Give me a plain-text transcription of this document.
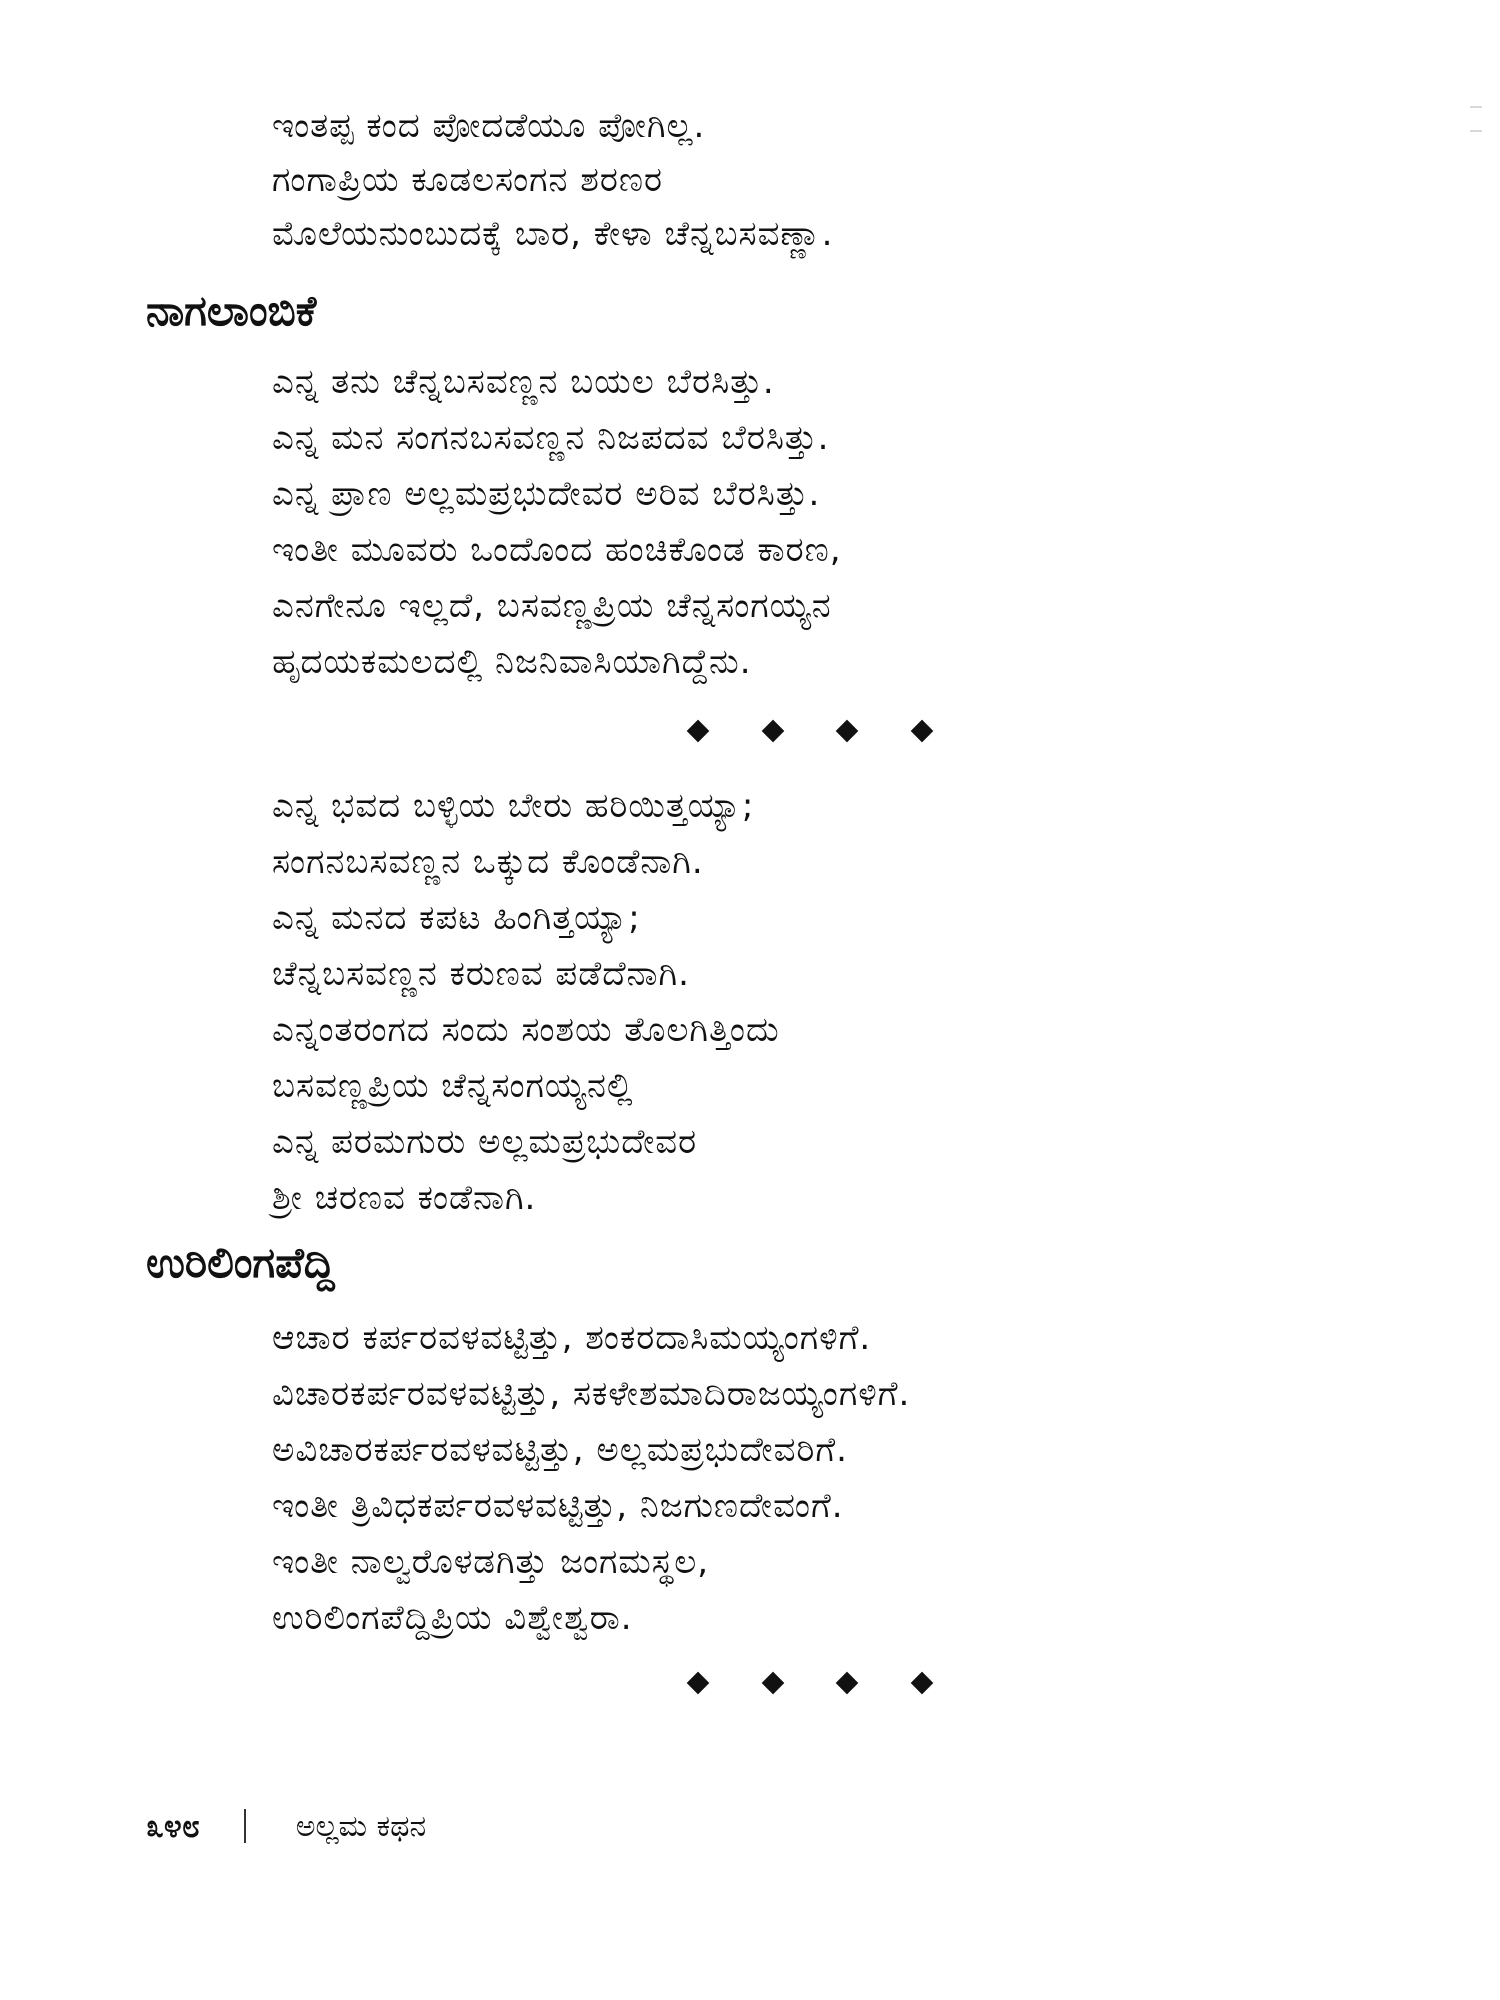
ಇಂತಪ್ಪ ಕಂದ ಪೋದಡೆಯೂ ಪೋಗಿಲ್ಲ.
ಗಂಗಾಪ್ರಿಯ ಕೂಡಲಸಂಗನ ಶರಣರ
ಮೊಲೆಯನುಂಬುದಕ್ಕೆ ಬಾರ, ಕೇಳಾ ಚೆನ್ನಬಸವಣ್ಣಾ.
ನಾಗಲಾಂಬಿಕೆ
ಎನ್ನ ತನು ಚೆನ್ನಬಸವಣ್ಣನ ಬಯಲ ಬೆರಸಿತ್ತು.
ಎನ್ನ ಮನ ಸಂಗನಬಸವಣ್ಣನ ನಿಜಪದವ ಬೆರಸಿತ್ತು.
ಎನ್ನ ಪ್ರಾಣ ಅಲ್ಲಮಪ್ರಭುದೇವರ ಅರಿವ ಬೆರಸಿತ್ತು.
ಇಂತೀ ಮೂವರು ಒಂದೊಂದ ಹಂಚಿಕೊಂಡ ಕಾರಣ,
ಎನಗೇನೂ ಇಲ್ಲದೆ, ಬಸವಣ್ಣಪ್ರಿಯ ಚೆನ್ನಸಂಗಯ್ಯನ
ಹೃದಯಕಮಲದಲ್ಲಿ ನಿಜನಿವಾಸಿಯಾಗಿದ್ದೆನು.
ಎನ್ನ ಭವದ ಬಳ್ಳಿಯ ಬೇರು ಹರಿಯಿತ್ತಯ್ಯಾ;
ಸಂಗನಬಸವಣ್ಣನ ಒಕ್ಕುದ ಕೊಂಡೆನಾಗಿ.
ಎನ್ನ ಮನದ ಕಪಟ ಹಿಂಗಿತ್ತಯ್ಯಾ;
ಚೆನ್ನಬಸವಣ್ಣನ ಕರುಣವ ಪಡೆದೆನಾಗಿ.
ಎನ್ನಂತರಂಗದ ಸಂದು ಸಂಶಯ ತೊಲಗಿತ್ತಿಂದು
ಬಸವಣ್ಣಪ್ರಿಯ ಚೆನ್ನಸಂಗಯ್ಯನಲ್ಲಿ
ಎನ್ನ ಪರಮಗುರು ಅಲ್ಲಮಪ್ರಭುದೇವರ
ಶ್ರೀ ಚರಣವ ಕಂಡೆನಾಗಿ.
ಉರಿಲಿಂಗಪೆದ್ದಿ
ಆಚಾರ ಕರ್ಪರವಳವಟ್ಟಿತ್ತು, ಶಂಕರದಾಸಿಮಯ್ಯಂಗಳಿಗೆ.
ವಿಚಾರಕರ್ಪರವಳವಟ್ಟಿತ್ತು, ಸಕಳೇಶಮಾದಿರಾಜಯ್ಯಂಗಳಿಗೆ.
ಅವಿಚಾರಕರ್ಪರವಳವಟ್ಟಿತ್ತು, ಅಲ್ಲಮಪ್ರಭುದೇವರಿಗೆ.
ಇಂತೀ ತ್ರಿವಿಧಕರ್ಪರವಳವಟ್ಟಿತ್ತು, ನಿಜಗುಣದೇವಂಗೆ.
ಇಂತೀ ನಾಲ್ವರೊಳಡಗಿತ್ತು ಜಂಗಮಸ್ಥಲ,
ಉರಿಲಿಂಗಪೆದ್ದಿಪ್ರಿಯ ವಿಶ್ವೇಶ್ವರಾ.
೩೪೮	ಅಲ್ಲಮ ಕಥನ
